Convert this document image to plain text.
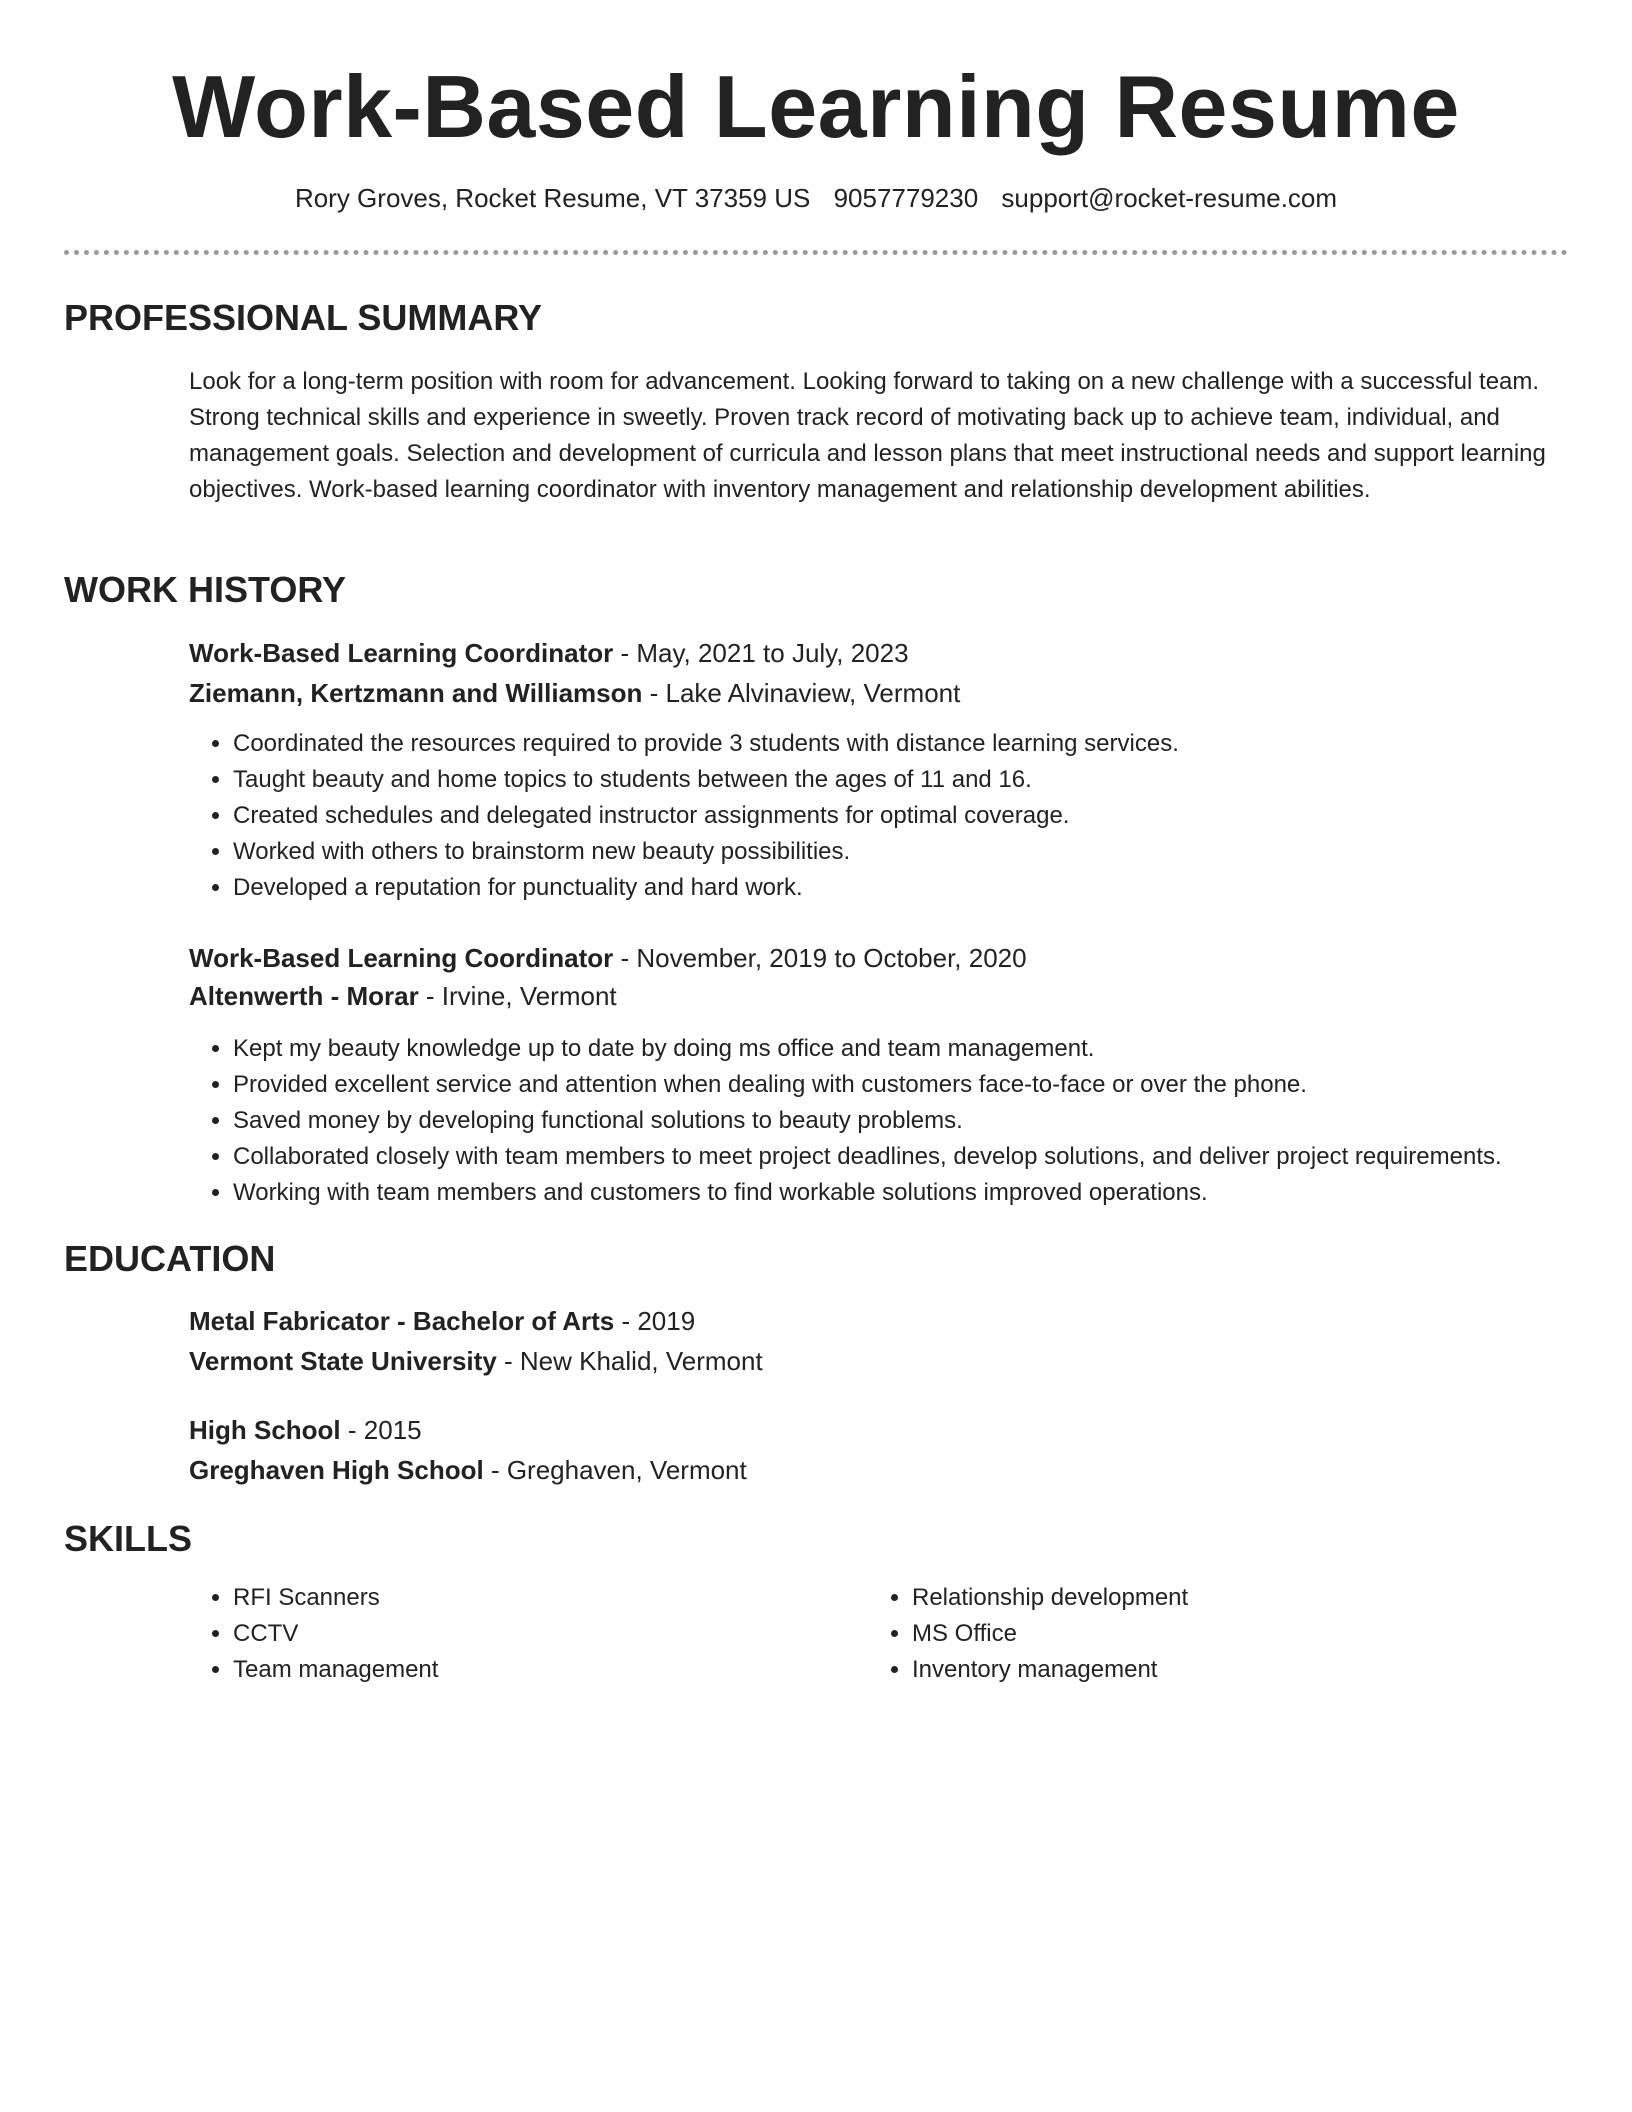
Work-Based Learning Resume
Rory Groves, Rocket Resume, VT 37359 US 9057779230 support@rocket-resume.com
PROFESSIONAL SUMMARY

Look for a long-term position with room for advancement. Looking forward to taking on a new challenge with a successful team. Strong technical skills and experience in sweetly. Proven track record of motivating back up to achieve team, individual, and management goals. Selection and development of curricula and lesson plans that meet instructional needs and support learning objectives. Work-based learning coordinator with inventory management and relationship development abilities.

WORK HISTORY
Work-Based Learning Coordinator - May, 2021 to July, 2023
Ziemann, Kertzmann and Williamson - Lake Alvinaview, Vermont
• Coordinated the resources required to provide 3 students with distance learning services.
• Taught beauty and home topics to students between the ages of 11 and 16.
• Created schedules and delegated instructor assignments for optimal coverage.
• Worked with others to brainstorm new beauty possibilities.
• Developed a reputation for punctuality and hard work.
Work-Based Learning Coordinator - November, 2019 to October, 2020
Altenwerth - Morar - Irvine, Vermont
• Kept my beauty knowledge up to date by doing ms office and team management.
• Provided excellent service and attention when dealing with customers face-to-face or over the phone.
• Saved money by developing functional solutions to beauty problems.
• Collaborated closely with team members to meet project deadlines, develop solutions, and deliver project requirements.
• Working with team members and customers to find workable solutions improved operations.
EDUCATION
Metal Fabricator - Bachelor of Arts - 2019
Vermont State University - New Khalid, Vermont
High School - 2015
Greghaven High School - Greghaven, Vermont
SKILLS
• RFI Scanners
• CCTV
• Team management
• Relationship development
• MS Office
• Inventory management
